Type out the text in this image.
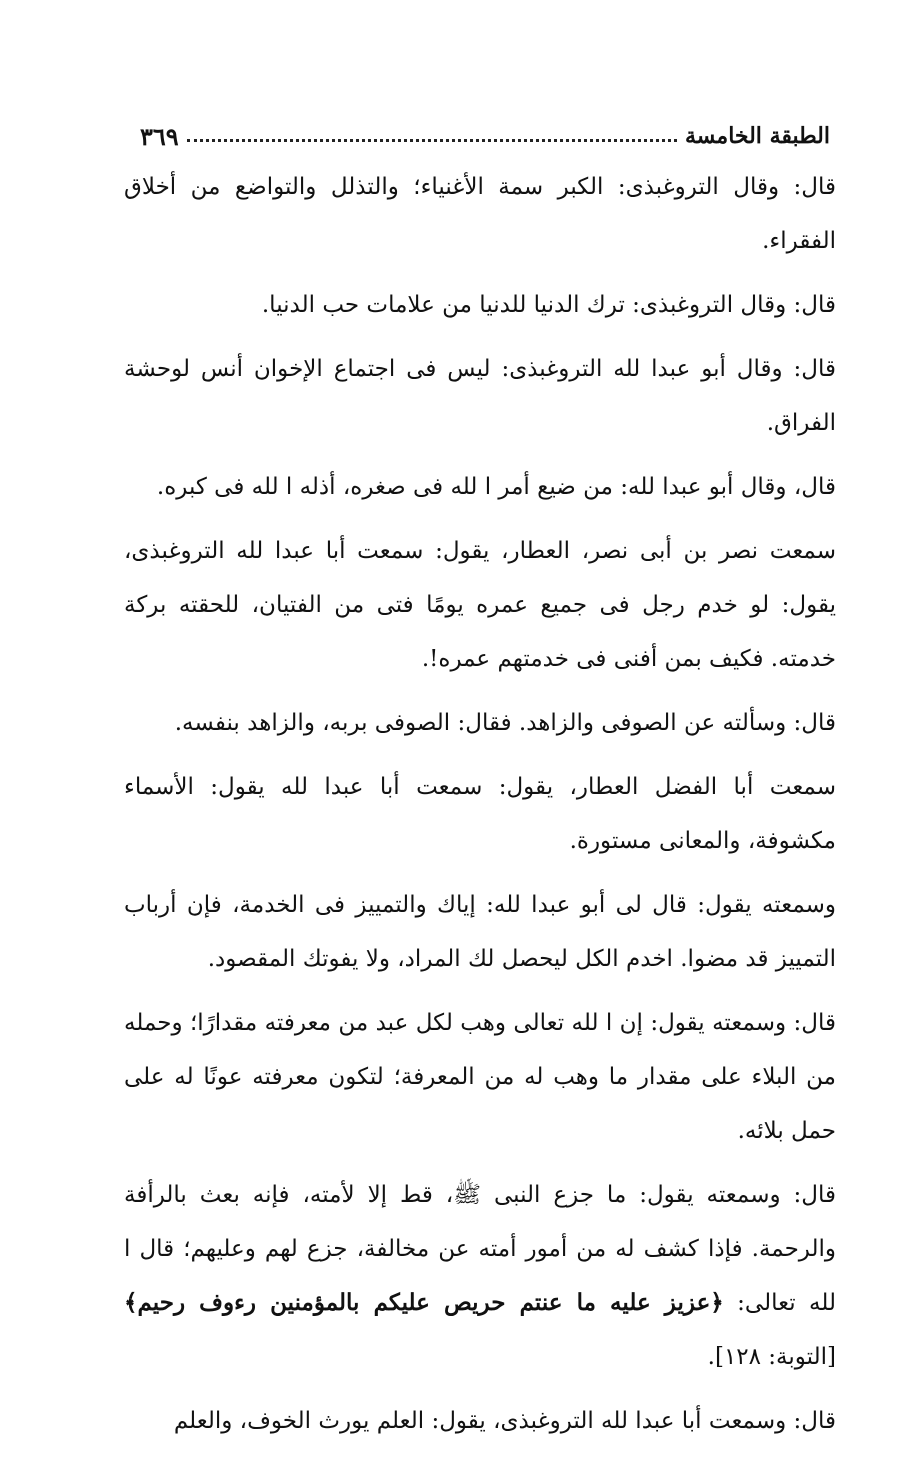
الطبقة الخامسة
٣٦٩

قال: وقال التروغبذى: الكبر سمة الأغنياء؛ والتذلل والتواضع من أخلاق الفقراء.

قال: وقال التروغبذى: ترك الدنيا للدنيا من علامات حب الدنيا.

قال: وقال أبو عبدا لله التروغبذى: ليس فى اجتماع الإخوان أنس لوحشة الفراق.

قال، وقال أبو عبدا لله: من ضيع أمر ا لله فى صغره، أذله ا لله فى كبره.

سمعت نصر بن أبى نصر، العطار، يقول: سمعت أبا عبدا لله التروغبذى، يقول: لو خدم رجل فى جميع عمره يومًا فتى من الفتيان، للحقته بركة خدمته. فكيف بمن أفنى فى خدمتهم عمره!.

قال: وسألته عن الصوفى والزاهد. فقال: الصوفى بربه، والزاهد بنفسه.

سمعت أبا الفضل العطار، يقول: سمعت أبا عبدا لله يقول: الأسماء مكشوفة، والمعانى مستورة.

وسمعته يقول: قال لى أبو عبدا لله: إياك والتمييز فى الخدمة، فإن أرباب التمييز قد مضوا. اخدم الكل ليحصل لك المراد، ولا يفوتك المقصود.

قال: وسمعته يقول: إن ا لله تعالى وهب لكل عبد من معرفته مقدارًا؛ وحمله من البلاء على مقدار ما وهب له من المعرفة؛ لتكون معرفته عونًا له على حمل بلائه.

قال: وسمعته يقول: ما جزع النبى ﷺ، قط إلا لأمته، فإنه بعث بالرأفة والرحمة. فإذا كشف له من أمور أمته عن مخالفة، جزع لهم وعليهم؛ قال ا لله تعالى: ﴿عزيز عليه ما عنتم حريص عليكم بالمؤمنين رءوف رحيم﴾ [التوبة: ١٢٨].

قال: وسمعت أبا عبدا لله التروغبذى، يقول: العلم يورث الخوف، والعلم
